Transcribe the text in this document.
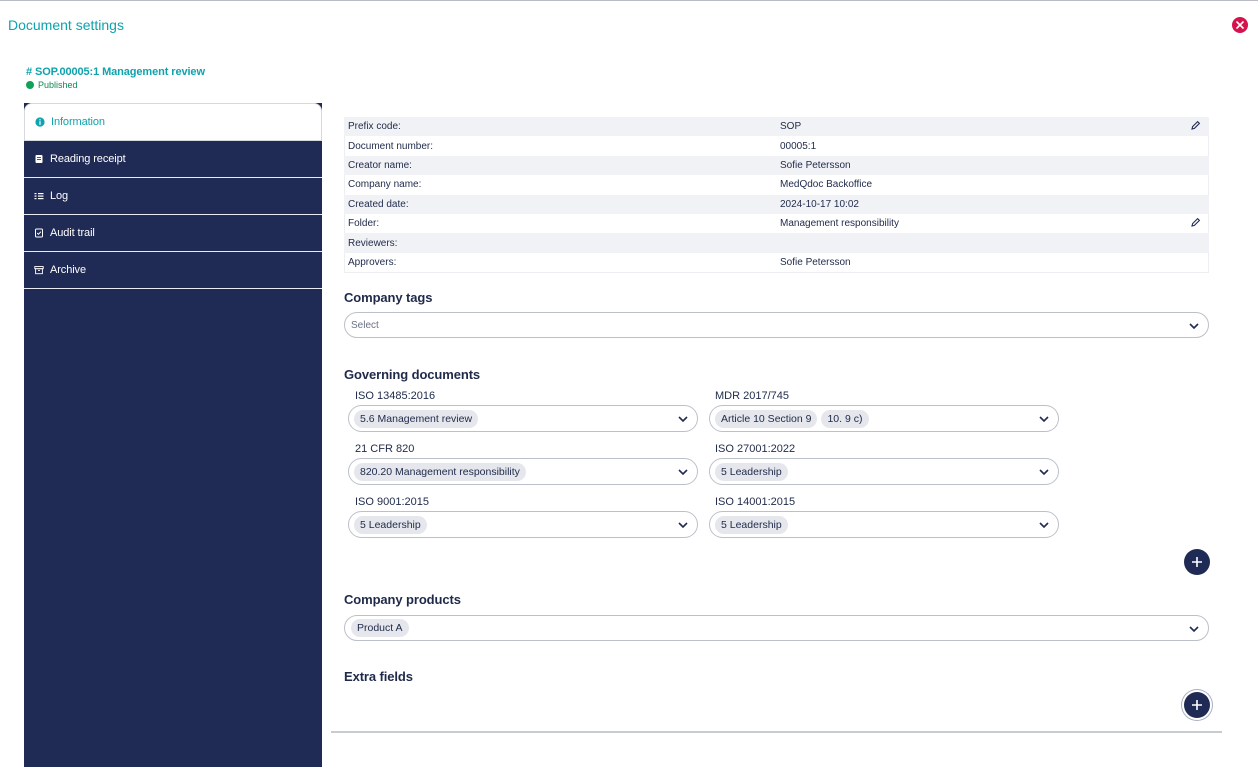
Document settings
# SOP.00005:1 Management review
Published
Information
Reading receipt
Log
Audit trail
Archive
Prefix code:	SOP	
Document number:	00005:1	
Creator name:	Sofie Petersson	
Company name:	MedQdoc Backoffice	
Created date:	2024-10-17 10:02	
Folder:	Management responsibility	
Reviewers:		
Approvers:	Sofie Petersson	
Company tags
Select
Governing documents
ISO 13485:2016
5.6 Management review
MDR 2017/745
Article 10 Section 9	10. 9 c)
21 CFR 820
820.20 Management responsibility
ISO 27001:2022
5 Leadership
ISO 9001:2015
5 Leadership
ISO 14001:2015
5 Leadership
Company products
Product A
Extra fields
